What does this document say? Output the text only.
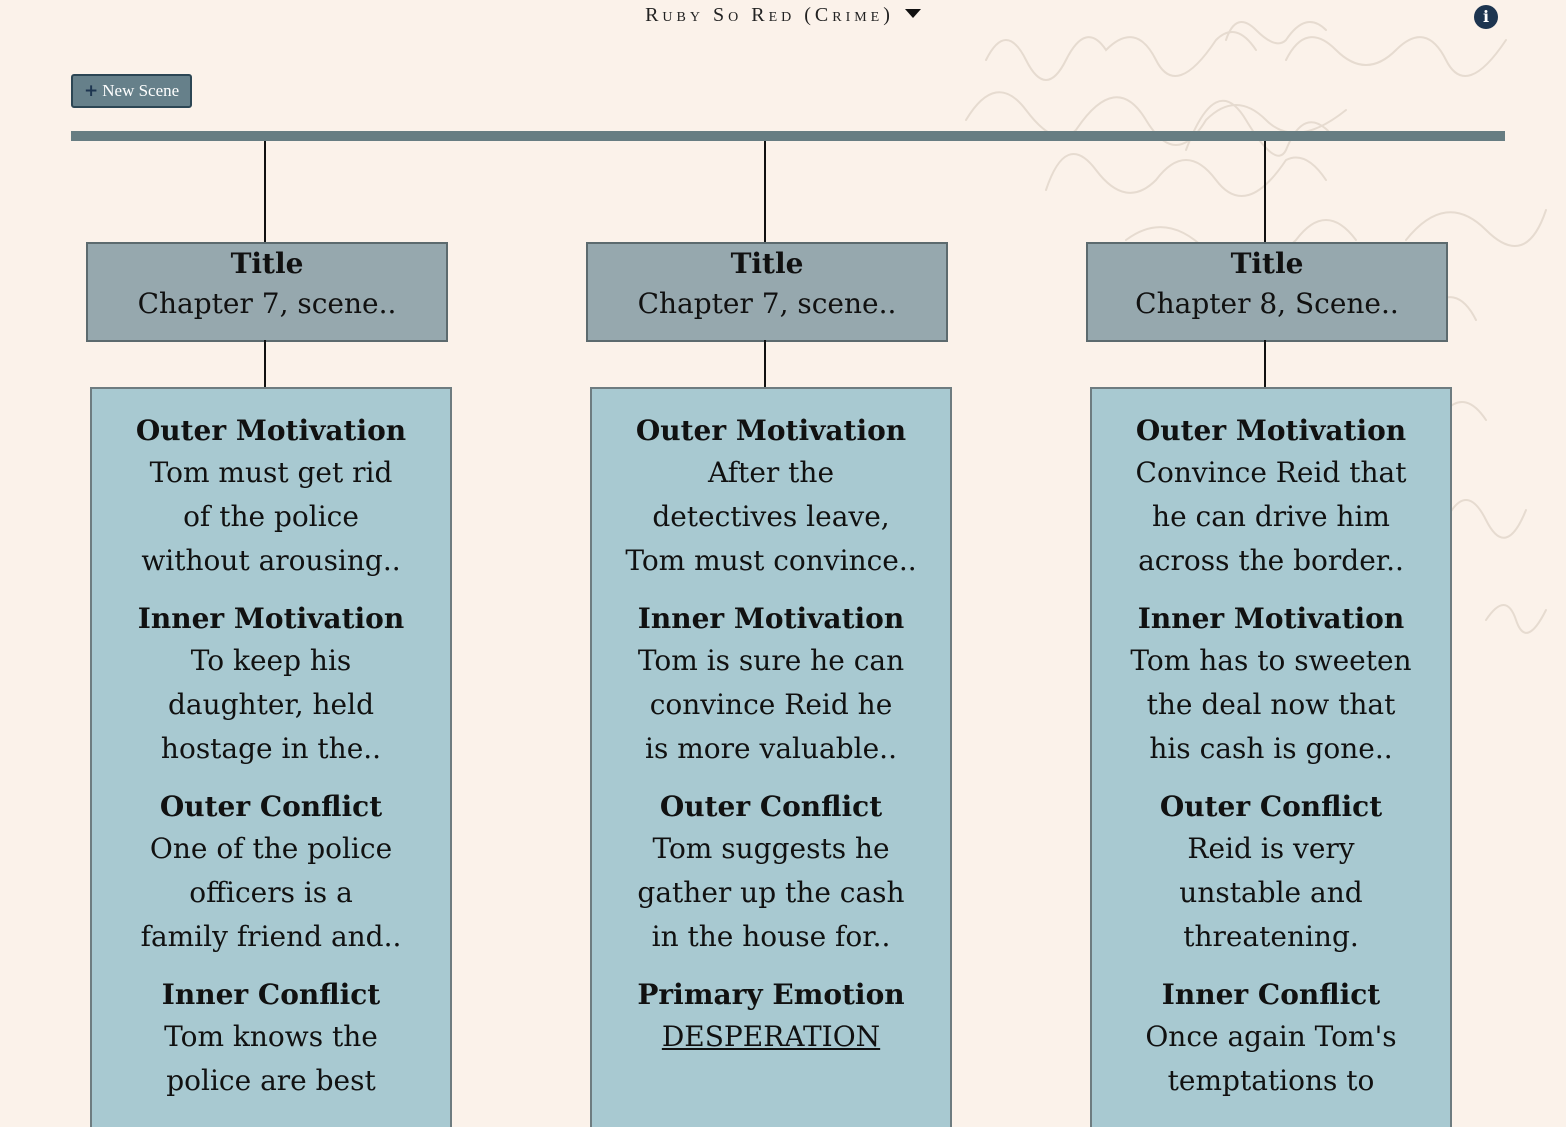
Ruby So Red (Crime)	i
+ New Scene
Title
Chapter 7, scene..
Outer Motivation
Tom must get rid
of the police
without arousing..
Inner Motivation
To keep his
daughter, held
hostage in the..
Outer Conflict
One of the police
officers is a
family friend and..
Inner Conflict
Tom knows the
police are best
Title
Chapter 7, scene..
Outer Motivation
After the
detectives leave,
Tom must convince..
Inner Motivation
Tom is sure he can
convince Reid he
is more valuable..
Outer Conflict
Tom suggests he
gather up the cash
in the house for..
Primary Emotion
DESPERATION
Title
Chapter 8, Scene..
Outer Motivation
Convince Reid that
he can drive him
across the border..
Inner Motivation
Tom has to sweeten
the deal now that
his cash is gone..
Outer Conflict
Reid is very
unstable and
threatening.
Inner Conflict
Once again Tom's
temptations to
